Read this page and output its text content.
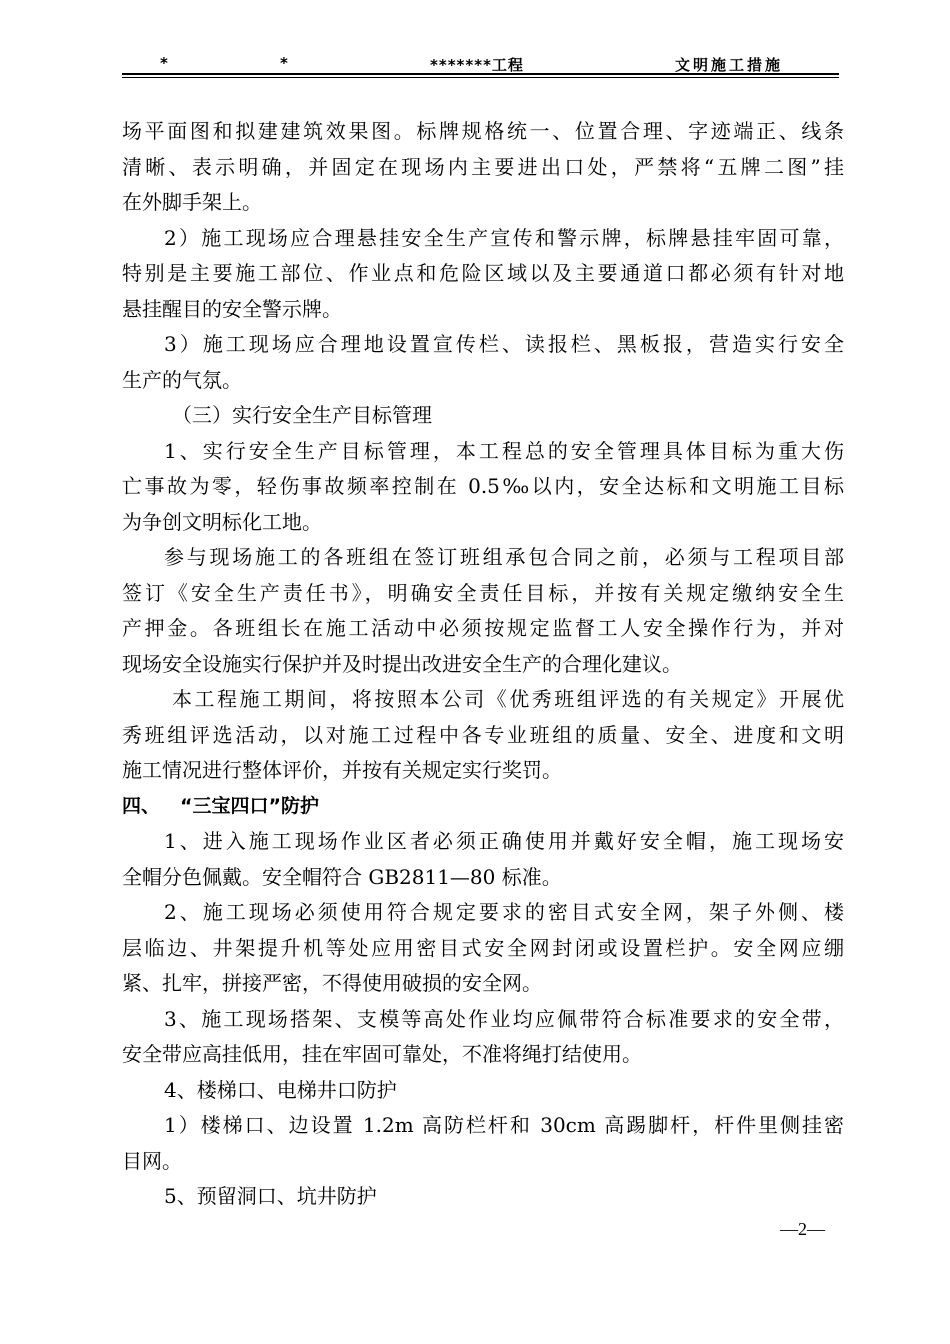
*	*	*******工程	文明施工措施
场平面图和拟建建筑效果图。标牌规格统一、位置合理、字迹端正、线条
清晰、表示明确，并固定在现场内主要进出口处，严禁将“五牌二图”挂
在外脚手架上。
2）施工现场应合理悬挂安全生产宣传和警示牌，标牌悬挂牢固可靠，
特别是主要施工部位、作业点和危险区域以及主要通道口都必须有针对地
悬挂醒目的安全警示牌。
3）施工现场应合理地设置宣传栏、读报栏、黑板报，营造实行安全
生产的气氛。
（三）实行安全生产目标管理
1、实行安全生产目标管理，本工程总的安全管理具体目标为重大伤
亡事故为零，轻伤事故频率控制在 0.5‰以内，安全达标和文明施工目标
为争创文明标化工地。
参与现场施工的各班组在签订班组承包合同之前，必须与工程项目部
签订《安全生产责任书》，明确安全责任目标，并按有关规定缴纳安全生
产押金。各班组长在施工活动中必须按规定监督工人安全操作行为，并对
现场安全设施实行保护并及时提出改进安全生产的合理化建议。
本工程施工期间，将按照本公司《优秀班组评选的有关规定》开展优
秀班组评选活动，以对施工过程中各专业班组的质量、安全、进度和文明
施工情况进行整体评价，并按有关规定实行奖罚。
四、 “三宝四口”防护
1、进入施工现场作业区者必须正确使用并戴好安全帽，施工现场安
全帽分色佩戴。安全帽符合 GB2811—80 标准。
2、施工现场必须使用符合规定要求的密目式安全网，架子外侧、楼
层临边、井架提升机等处应用密目式安全网封闭或设置栏护。安全网应绷
紧、扎牢，拼接严密，不得使用破损的安全网。
3、施工现场搭架、支模等高处作业均应佩带符合标准要求的安全带，
安全带应高挂低用，挂在牢固可靠处，不准将绳打结使用。
4、楼梯口、电梯井口防护
1）楼梯口、边设置 1.2m 高防栏杆和 30cm 高踢脚杆，杆件里侧挂密
目网。
5、预留洞口、坑井防护
—2—
